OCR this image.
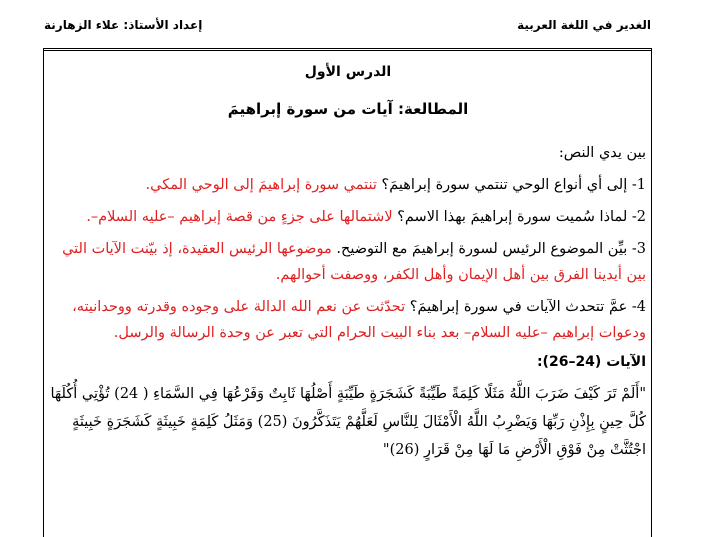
الغدير في اللغة العربية
إعداد الأستاذ: علاء الزهارنة
الدرس الأول
المطالعة: آيات من سورة إبراهيمَ

بين يدي النص:

1- إلى أي أنواع الوحي تنتمي سورة إبراهيمَ؟ تنتمي سورة إبراهيمَ إلى الوحي المكي.

2- لماذا سُميت سورة إبراهيمَ بهذا الاسم؟ لاشتمالها على جزءٍ من قصة إبراهيم –عليه السلام–.

3- بيِّن الموضوع الرئيس لسورة إبراهيمَ مع التوضيح. موضوعها الرئيس العقيدة، إذ بيّنت الآيات التي بين أيدينا الفرق بين أهل الإيمان وأهل الكفر، ووصفت أحوالهم.

4- عمَّ تتحدث الآيات في سورة إبراهيمَ؟ تحدّثت عن نعم الله الدالة على وجوده وقدرته ووحدانيته، ودعوات إبراهيم –عليه السلام– بعد بناء البيت الحرام التي تعبر عن وحدة الرسالة والرسل.

الآيات (24–26):

"أَلَمْ تَرَ كَيْفَ ضَرَبَ اللَّهُ مَثَلًا كَلِمَةً طَيِّبَةً كَشَجَرَةٍ طَيِّبَةٍ أَصْلُهَا ثَابِتٌ وَفَرْعُهَا فِي السَّمَاءِ ( 24) تُؤْتِي أُكُلَهَا كُلَّ حِينٍ بِإِذْنِ رَبِّهَا وَيَضْرِبُ اللَّهُ الْأَمْثَالَ لِلنَّاسِ لَعَلَّهُمْ يَتَذَكَّرُونَ (25) وَمَثَلُ كَلِمَةٍ خَبِيثَةٍ كَشَجَرَةٍ خَبِيثَةٍ اجْتُثَّتْ مِنْ فَوْقِ الْأَرْضِ مَا لَهَا مِنْ قَرَارٍ (26)"
